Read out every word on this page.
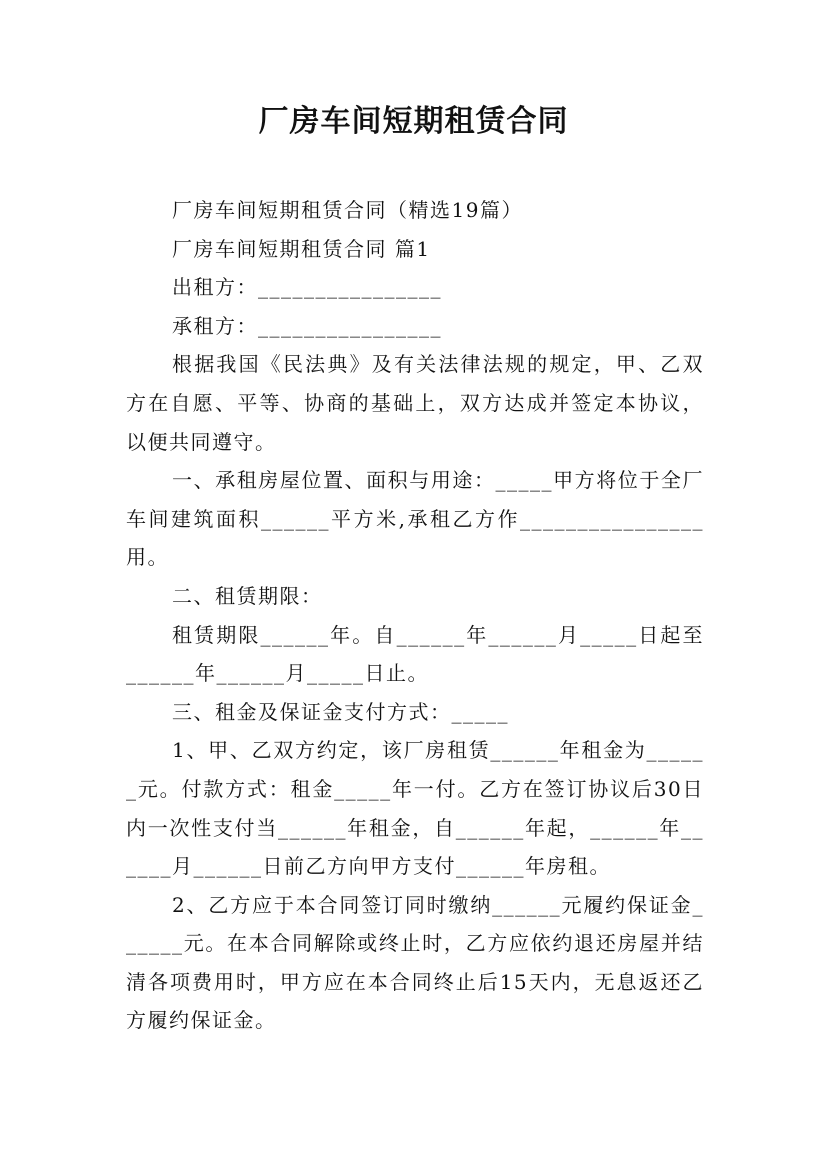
厂房车间短期租赁合同

厂房车间短期租赁合同（精选19篇）

厂房车间短期租赁合同 篇1

出租方：________________

承租方：________________

根据我国《民法典》及有关法律法规的规定，甲、乙双方在自愿、平等、协商的基础上，双方达成并签定本协议，以便共同遵守。

一、承租房屋位置、面积与用途：_____甲方将位于全厂车间建筑面积______平方米,承租乙方作________________用。

二、租赁期限：

租赁期限______年。自______年______月_____日起至______年______月_____日止。

三、租金及保证金支付方式：_____

1、甲、乙双方约定，该厂房租赁______年租金为______元。付款方式：租金_____年一付。乙方在签订协议后30日内一次性支付当______年租金，自______年起，______年______月______日前乙方向甲方支付______年房租。

2、乙方应于本合同签订同时缴纳______元履约保证金______元。在本合同解除或终止时，乙方应依约退还房屋并结清各项费用时，甲方应在本合同终止后15天内，无息返还乙方履约保证金。
